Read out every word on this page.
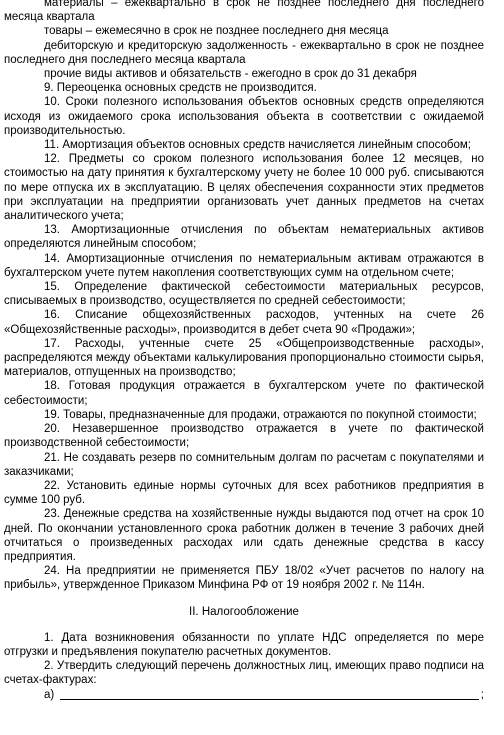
материалы – ежеквартально в срок не позднее последнего дня последнего месяца квартала

товары – ежемесячно в срок не позднее последнего дня месяца

дебиторскую и кредиторскую задолженность - ежеквартально в срок не позднее последнего дня последнего месяца квартала

прочие виды активов и обязательств - ежегодно в срок до 31 декабря

9. Переоценка основных средств не производится.

10. Сроки полезного использования объектов основных средств определяются исходя из ожидаемого срока использования объекта в соответствии с ожидаемой производительностью.

11. Амортизация объектов основных средств начисляется линейным способом;

12. Предметы со сроком полезного использования более 12 месяцев, но стоимостью на дату принятия к бухгалтерскому учету не более 10 000 руб. списываются по мере отпуска их в эксплуатацию. В целях обеспечения сохранности этих предметов при эксплуатации на предприятии организовать учет данных предметов на счетах аналитического учета;

13. Амортизационные отчисления по объектам нематериальных активов определяются линейным способом;

14. Амортизационные отчисления по нематериальным активам отражаются в бухгалтерском учете путем накопления соответствующих сумм на отдельном счете;

15. Определение фактической себестоимости материальных ресурсов, списываемых в производство, осуществляется по средней себестоимости;

16. Списание общехозяйственных расходов, учтенных на счете 26 «Общехозяйственные расходы», производится в дебет счета 90 «Продажи»;

17. Расходы, учтенные счете 25 «Общепроизводственные расходы», распределяются между объектами калькулирования пропорционально стоимости сырья, материалов, отпущенных на производство;

18. Готовая продукция отражается в бухгалтерском учете по фактической себестоимости;

19. Товары, предназначенные для продажи, отражаются по покупной стоимости;

20. Незавершенное производство отражается в учете по фактической производственной себестоимости;

21. Не создавать резерв по сомнительным долгам по расчетам с покупателями и заказчиками;

22. Установить единые нормы суточных для всех работников предприятия в сумме 100 руб.

23. Денежные средства на хозяйственные нужды выдаются под отчет на срок 10 дней. По окончании установленного срока работник должен в течение 3 рабочих дней отчитаться о произведенных расходах или сдать денежные средства в кассу предприятия.

24. На предприятии не применяется ПБУ 18/02 «Учет расчетов по налогу на прибыль», утвержденное Приказом Минфина РФ от 19 ноября 2002 г. № 114н.

II. Налогообложение

1. Дата возникновения обязанности по уплате НДС определяется по мере отгрузки и предъявления покупателю расчетных документов.

2. Утвердить следующий перечень должностных лиц, имеющих право подписи на счетах-фактурах:

а)	;
